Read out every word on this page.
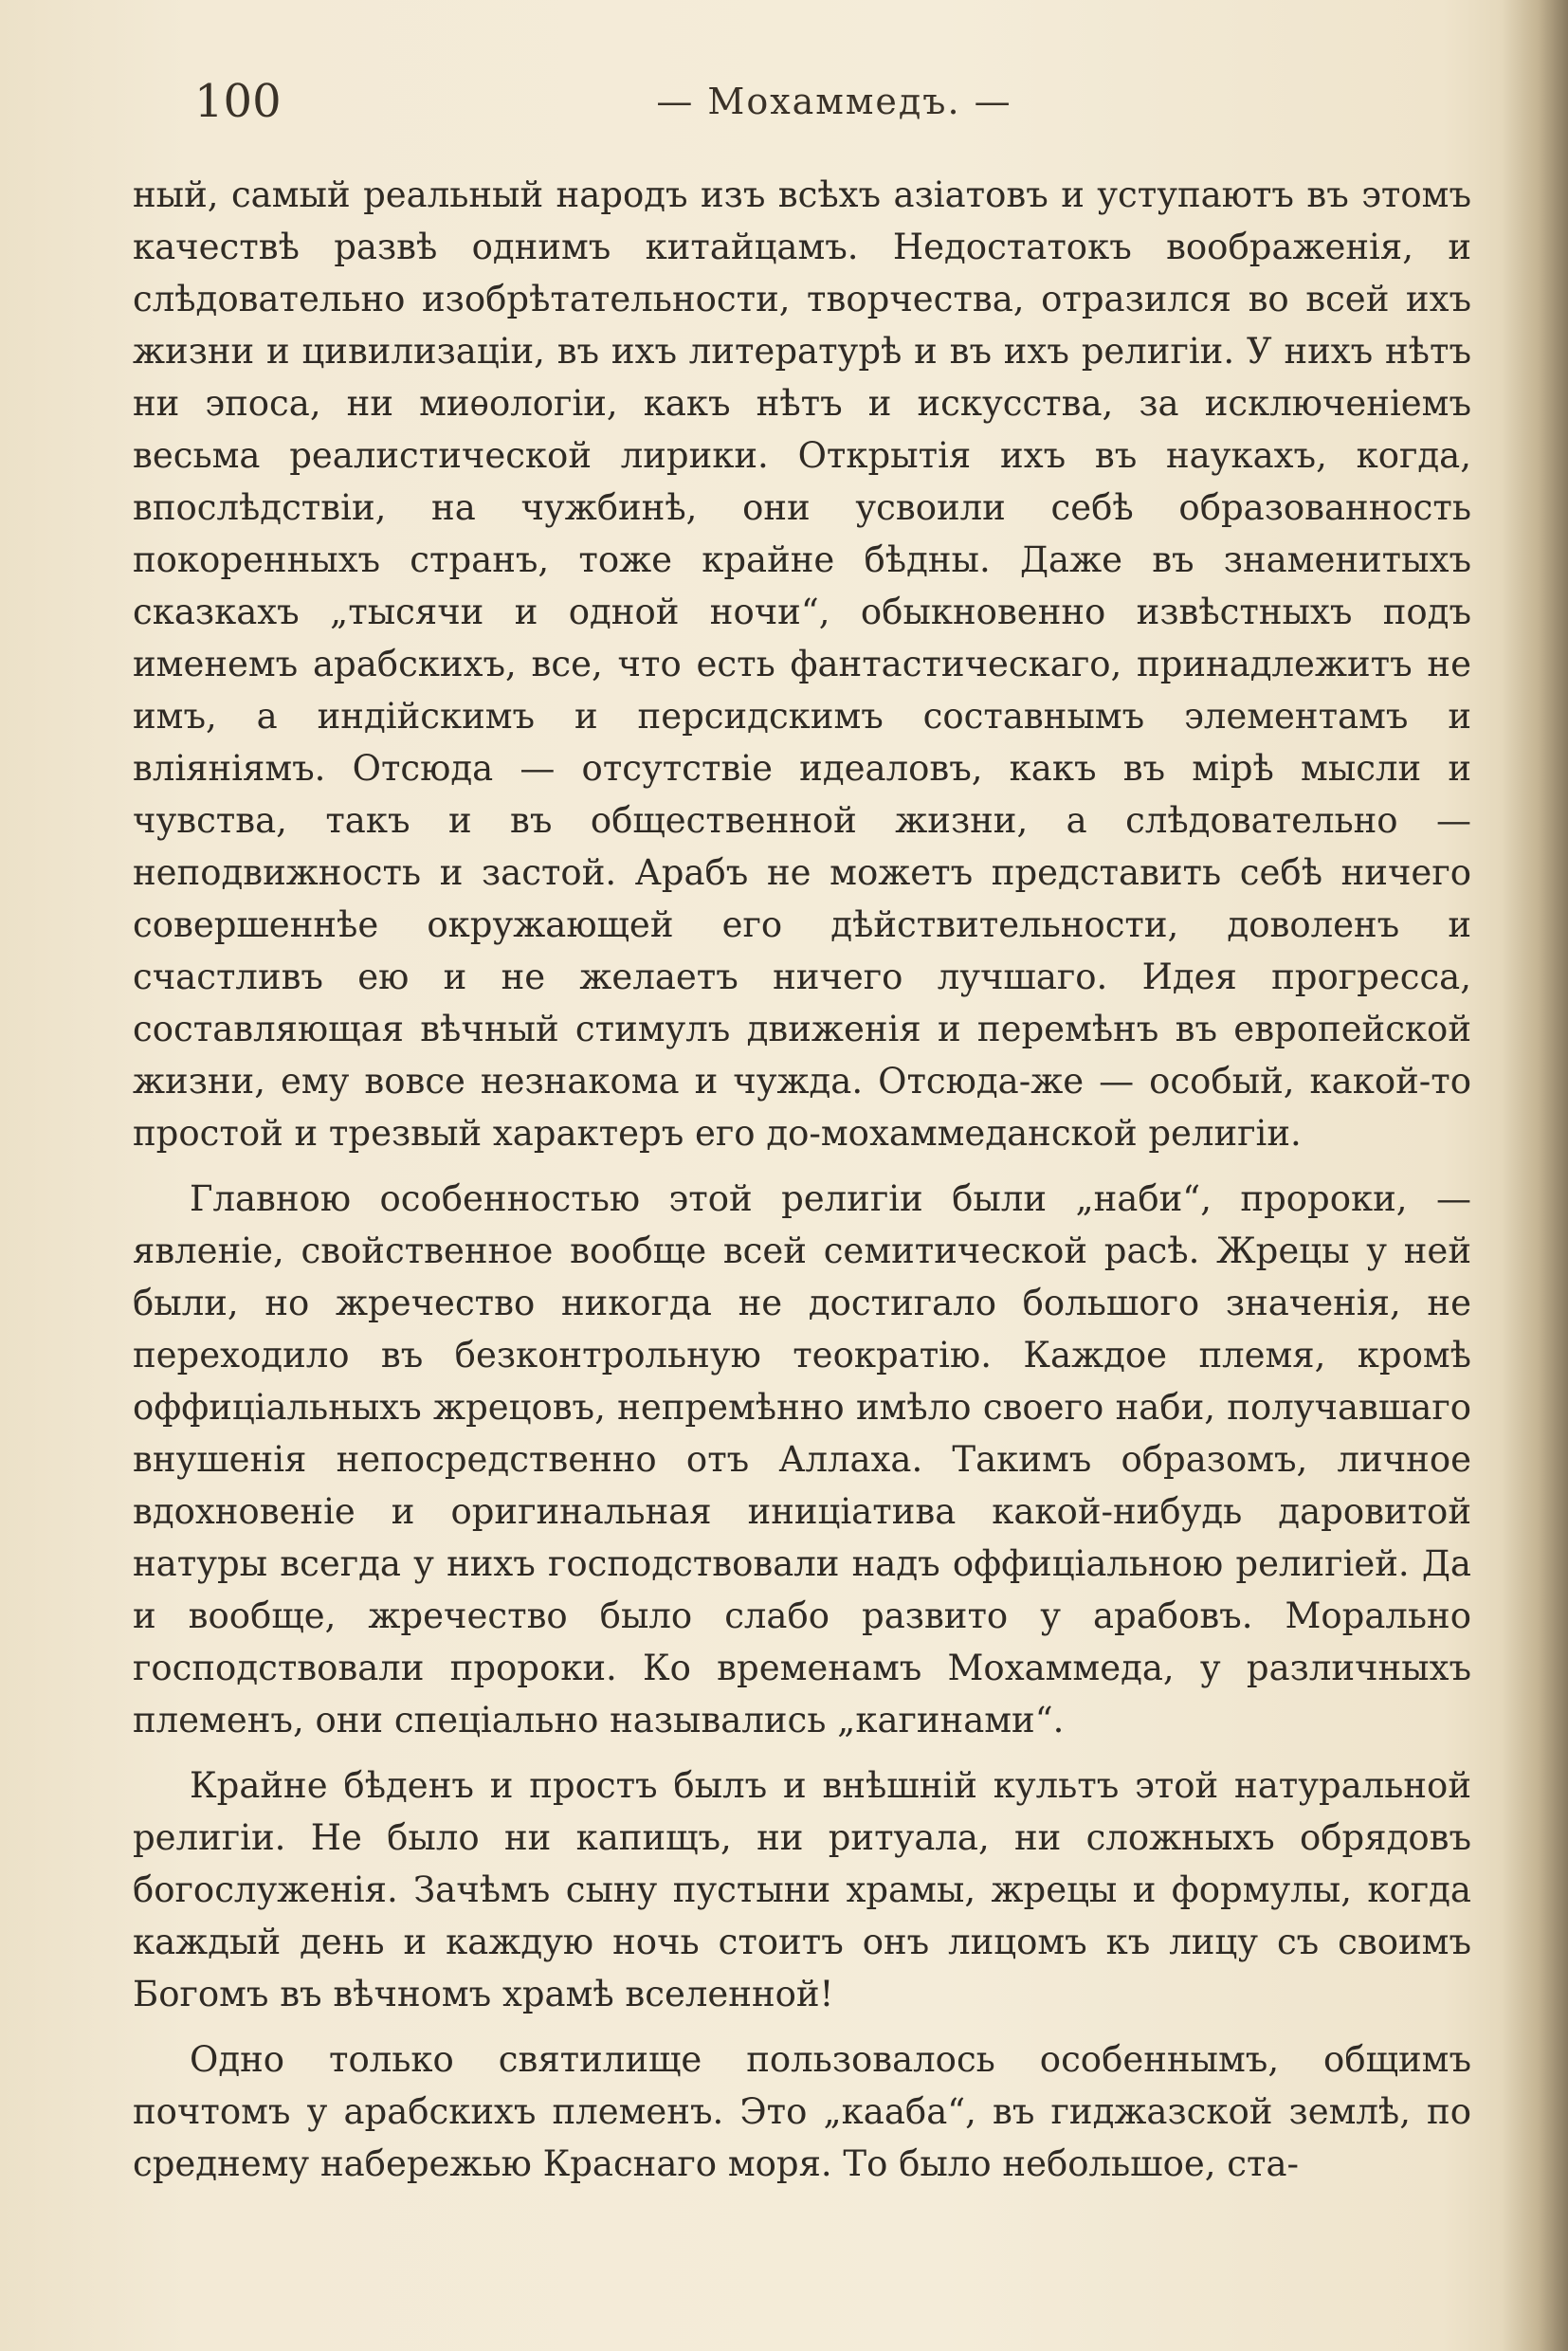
100	— Мохаммедъ. —

ный, самый реальный народъ изъ всѣхъ азіатовъ и уступаютъ въ этомъ качествѣ развѣ однимъ китайцамъ. Недостатокъ воображенія, и слѣдовательно изобрѣтательности, творчества, отразился во всей ихъ жизни и цивилизаціи, въ ихъ литературѣ и въ ихъ религіи. У нихъ нѣтъ ни эпоса, ни миѳологіи, какъ нѣтъ и искусства, за исключеніемъ весьма реалистической лирики. Открытія ихъ въ наукахъ, когда, впослѣдствіи, на чужбинѣ, они усвоили себѣ образованность покоренныхъ странъ, тоже крайне бѣдны. Даже въ знаменитыхъ сказкахъ „тысячи и одной ночи“, обыкновенно извѣстныхъ подъ именемъ арабскихъ, все, что есть фантастическаго, принадлежитъ не имъ, а индійскимъ и персидскимъ составнымъ элементамъ и вліяніямъ. Отсюда — отсутствіе идеаловъ, какъ въ мірѣ мысли и чувства, такъ и въ общественной жизни, а слѣдовательно — неподвижность и застой. Арабъ не можетъ представить себѣ ничего совершеннѣе окружающей его дѣйствительности, доволенъ и счастливъ ею и не желаетъ ничего лучшаго. Идея прогресса, составляющая вѣчный стимулъ движенія и перемѣнъ въ европейской жизни, ему вовсе незнакома и чужда. Отсюда-же — особый, какой-то простой и трезвый характеръ его до-мохаммеданской религіи.

Главною особенностью этой религіи были „наби“, пророки, — явленіе, свойственное вообще всей семитической расѣ. Жрецы у ней были, но жречество никогда не достигало большого значенія, не переходило въ безконтрольную теократію. Каждое племя, кромѣ оффиціальныхъ жрецовъ, непремѣнно имѣло своего наби, получавшаго внушенія непосредственно отъ Аллаха. Такимъ образомъ, личное вдохновеніе и оригинальная иниціатива какой-нибудь даровитой натуры всегда у нихъ господствовали надъ оффиціальною религіей. Да и вообще, жречество было слабо развито у арабовъ. Морально господствовали пророки. Ко временамъ Мохаммеда, у различныхъ племенъ, они спеціально назывались „кагинами“.

Крайне бѣденъ и простъ былъ и внѣшній культъ этой натуральной религіи. Не было ни капищъ, ни ритуала, ни сложныхъ обрядовъ богослуженія. Зачѣмъ сыну пустыни храмы, жрецы и формулы, когда каждый день и каждую ночь стоитъ онъ лицомъ къ лицу съ своимъ Богомъ въ вѣчномъ храмѣ вселенной!

Одно только святилище пользовалось особеннымъ, общимъ почтомъ у арабскихъ племенъ. Это „кааба“, въ гиджазской землѣ, по среднему набережью Краснаго моря. То было небольшое, ста-
